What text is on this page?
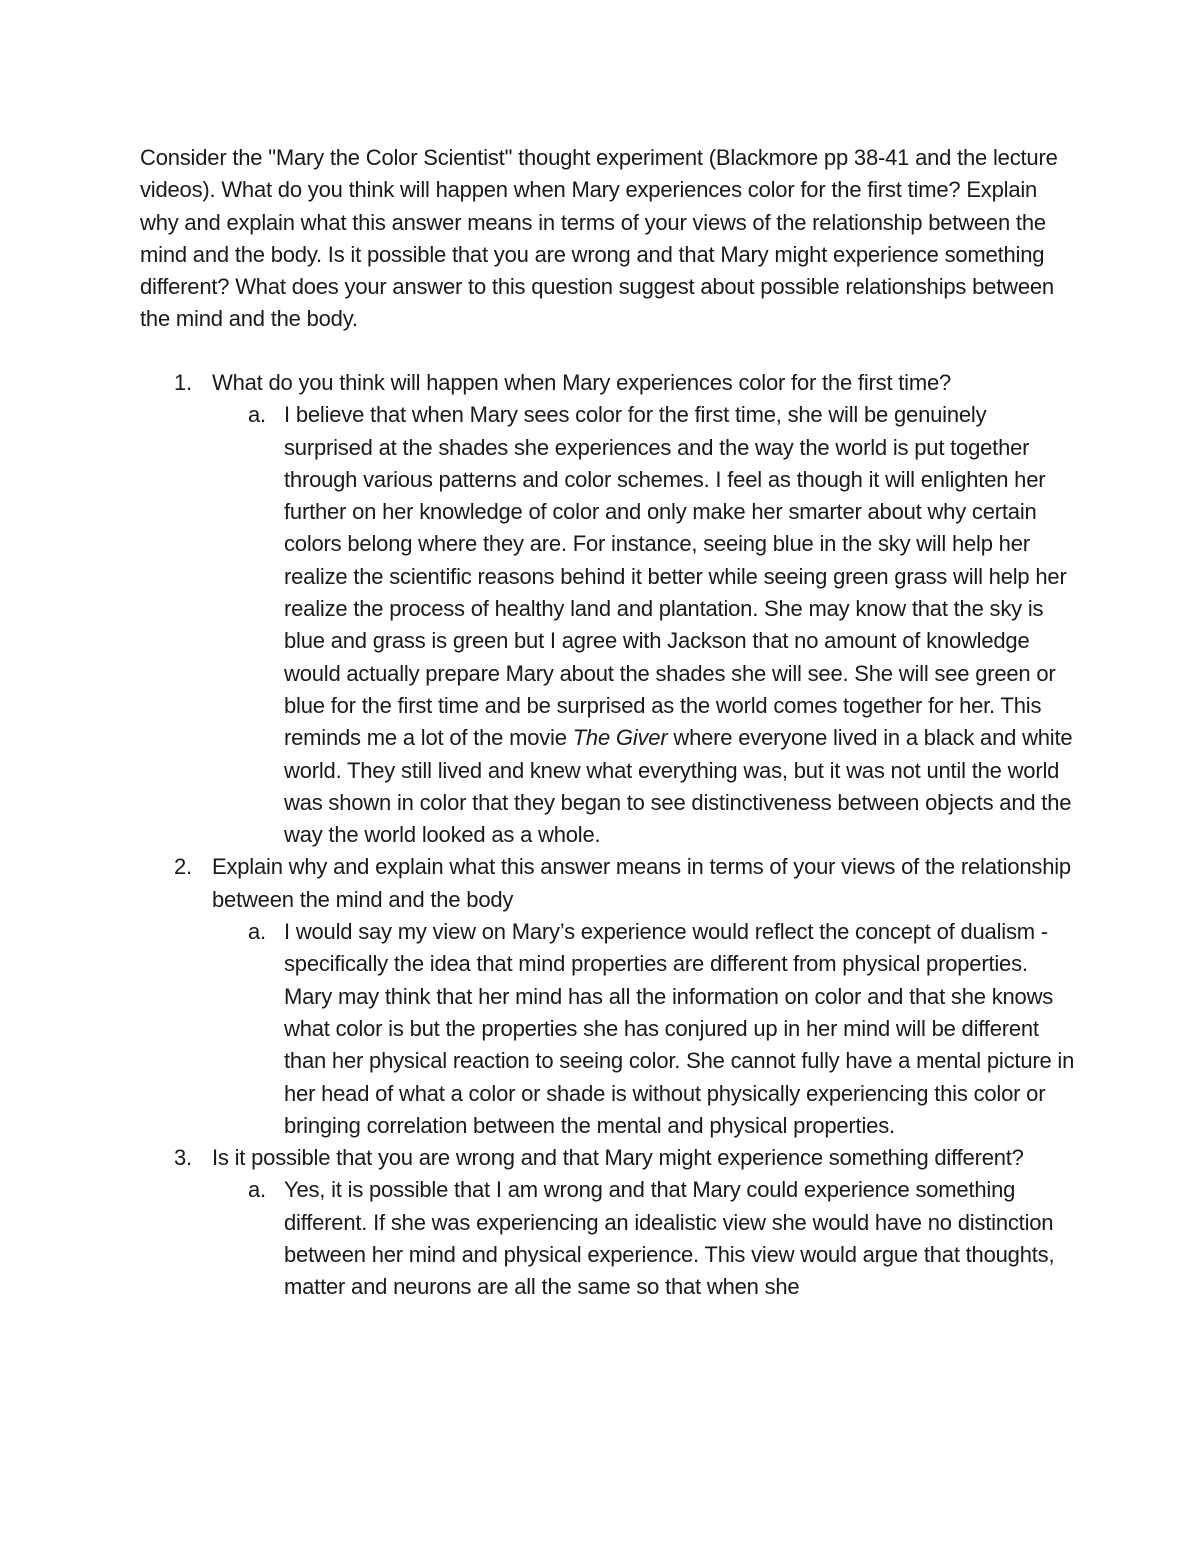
Consider the "Mary the Color Scientist" thought experiment (Blackmore pp 38-41 and the lecture videos). What do you think will happen when Mary experiences color for the first time? Explain why and explain what this answer means in terms of your views of the relationship between the mind and the body. Is it possible that you are wrong and that Mary might experience something different? What does your answer to this question suggest about possible relationships between the mind and the body.

1. What do you think will happen when Mary experiences color for the first time?
a. I believe that when Mary sees color for the first time, she will be genuinely surprised at the shades she experiences and the way the world is put together through various patterns and color schemes. I feel as though it will enlighten her further on her knowledge of color and only make her smarter about why certain colors belong where they are. For instance, seeing blue in the sky will help her realize the scientific reasons behind it better while seeing green grass will help her realize the process of healthy land and plantation. She may know that the sky is blue and grass is green but I agree with Jackson that no amount of knowledge would actually prepare Mary about the shades she will see. She will see green or blue for the first time and be surprised as the world comes together for her. This reminds me a lot of the movie The Giver where everyone lived in a black and white world. They still lived and knew what everything was, but it was not until the world was shown in color that they began to see distinctiveness between objects and the way the world looked as a whole.
2. Explain why and explain what this answer means in terms of your views of the relationship between the mind and the body
a. I would say my view on Mary’s experience would reflect the concept of dualism - specifically the idea that mind properties are different from physical properties. Mary may think that her mind has all the information on color and that she knows what color is but the properties she has conjured up in her mind will be different than her physical reaction to seeing color. She cannot fully have a mental picture in her head of what a color or shade is without physically experiencing this color or bringing correlation between the mental and physical properties.
3. Is it possible that you are wrong and that Mary might experience something different?
a. Yes, it is possible that I am wrong and that Mary could experience something different. If she was experiencing an idealistic view she would have no distinction between her mind and physical experience. This view would argue that thoughts, matter and neurons are all the same so that when she
